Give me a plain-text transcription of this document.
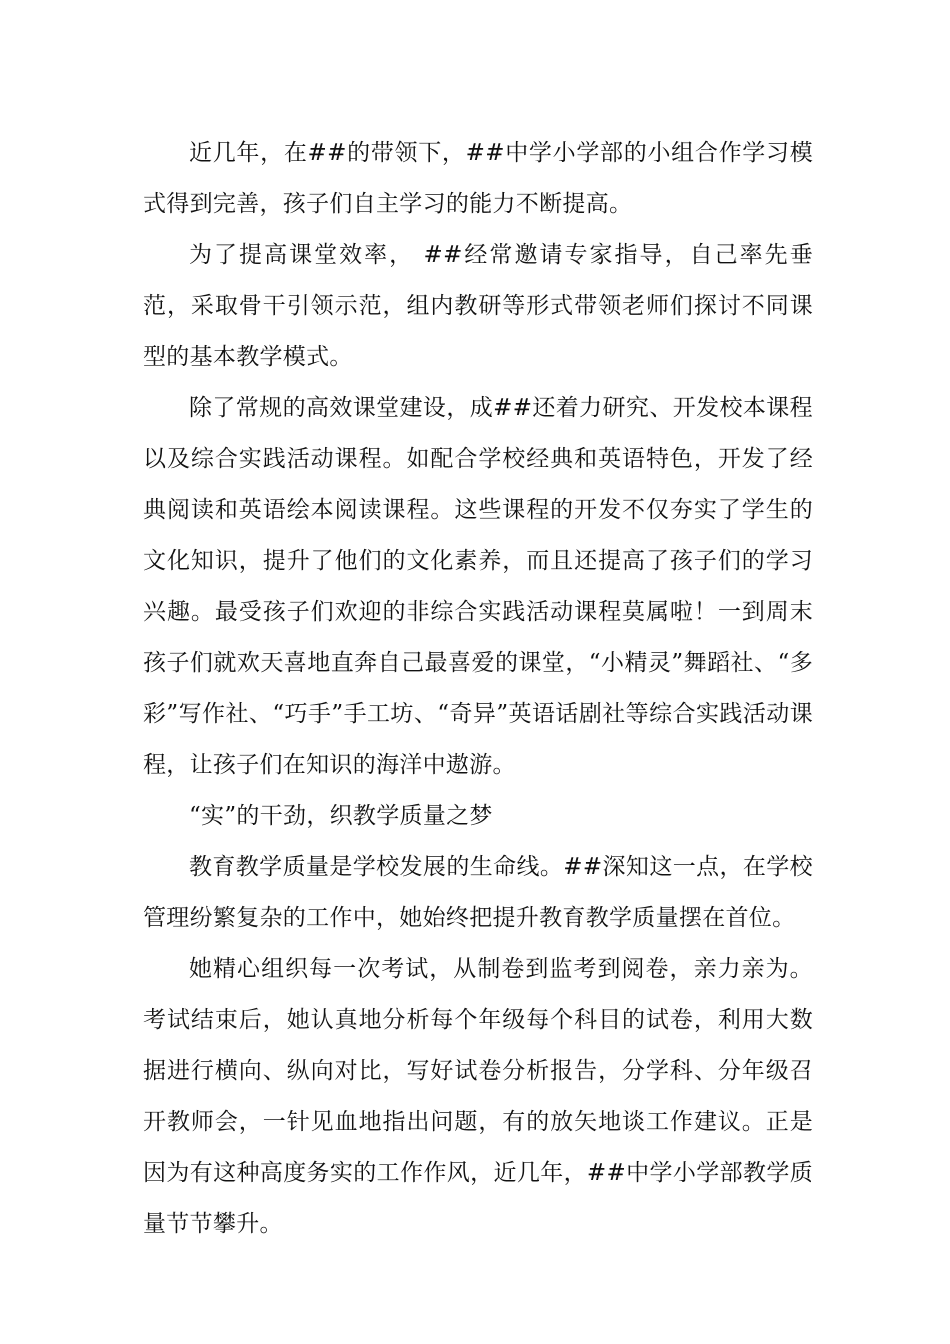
近几年，在##的带领下，##中学小学部的小组合作学习模式得到完善，孩子们自主学习的能力不断提高。

为了提高课堂效率， ##经常邀请专家指导，自己率先垂范，采取骨干引领示范，组内教研等形式带领老师们探讨不同课型的基本教学模式。

除了常规的高效课堂建设，成##还着力研究、开发校本课程以及综合实践活动课程。如配合学校经典和英语特色，开发了经典阅读和英语绘本阅读课程。这些课程的开发不仅夯实了学生的文化知识，提升了他们的文化素养，而且还提高了孩子们的学习兴趣。最受孩子们欢迎的非综合实践活动课程莫属啦！一到周末孩子们就欢天喜地直奔自己最喜爱的课堂，“小精灵”舞蹈社、“多彩”写作社、“巧手”手工坊、“奇异”英语话剧社等综合实践活动课程，让孩子们在知识的海洋中遨游。

“实”的干劲，织教学质量之梦

教育教学质量是学校发展的生命线。##深知这一点，在学校管理纷繁复杂的工作中，她始终把提升教育教学质量摆在首位。

她精心组织每一次考试，从制卷到监考到阅卷，亲力亲为。考试结束后，她认真地分析每个年级每个科目的试卷，利用大数据进行横向、纵向对比，写好试卷分析报告，分学科、分年级召开教师会，一针见血地指出问题，有的放矢地谈工作建议。正是因为有这种高度务实的工作作风，近几年，##中学小学部教学质量节节攀升。
